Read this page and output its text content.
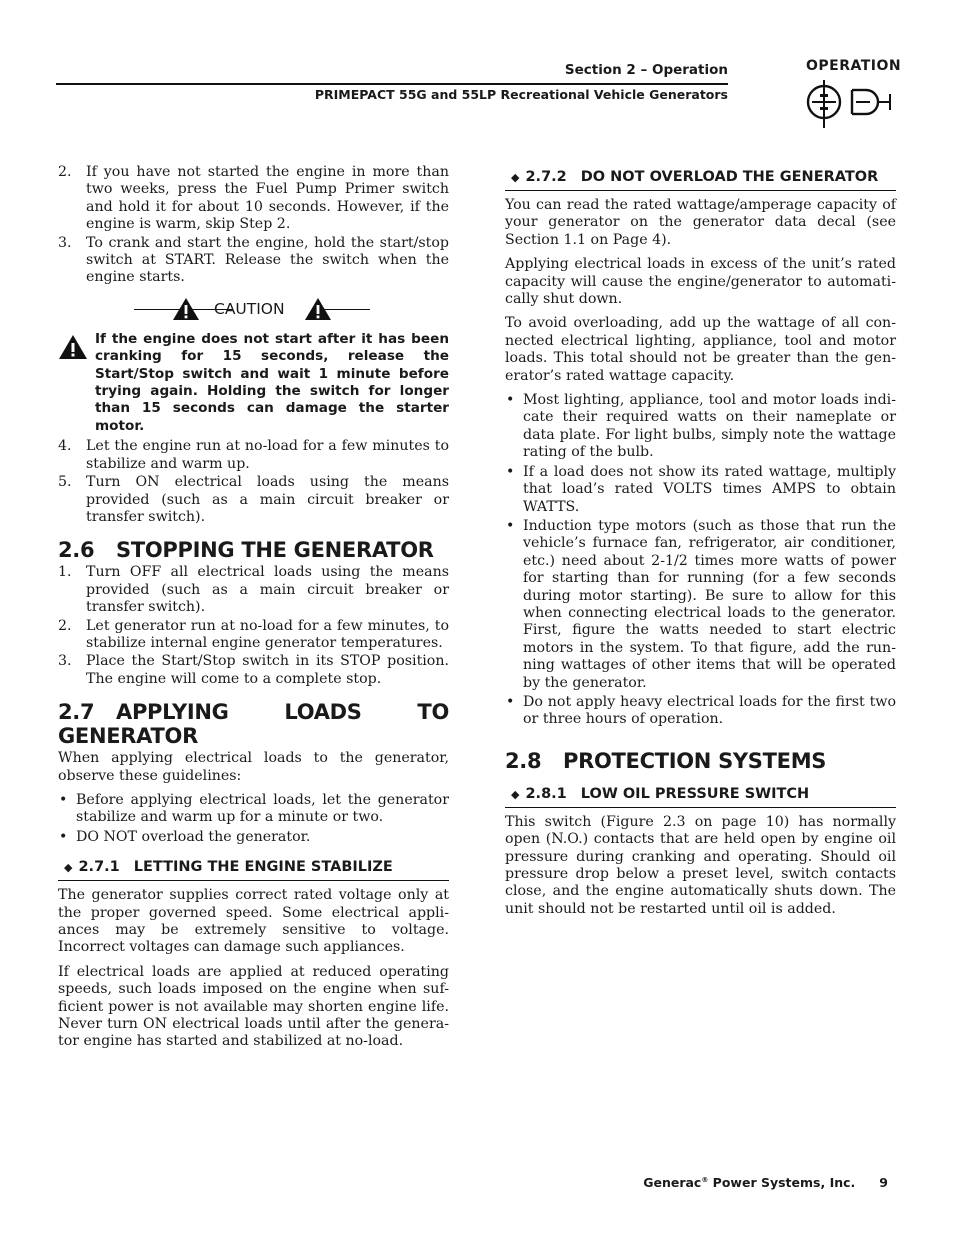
Section 2 – Operation
PRIMEPACT 55G and 55LP Recreational Vehicle Generators
OPERATION
2. If you have not started the engine in more than two weeks, press the Fuel Pump Primer switch and hold it for about 10 seconds. However, if the engine is warm, skip Step 2.
3. To crank and start the engine, hold the start/stop switch at START. Release the switch when the engine starts.
CAUTION
If the engine does not start after it has been cranking for 15 seconds, release the Start/Stop switch and wait 1 minute before trying again. Holding the switch for longer than 15 seconds can damage the starter motor.
4. Let the engine run at no-load for a few minutes to stabilize and warm up.
5. Turn ON electrical loads using the means provided (such as a main circuit breaker or transfer switch).
2.6 STOPPING THE GENERATOR
1. Turn OFF all electrical loads using the means provided (such as a main circuit breaker or transfer switch).
2. Let generator run at no-load for a few minutes, to stabilize internal engine generator temperatures.
3. Place the Start/Stop switch in its STOP position. The engine will come to a complete stop.
2.7 APPLYING LOADS TO GENERATOR

When applying electrical loads to the generator, observe these guidelines:

• Before applying electrical loads, let the generator stabilize and warm up for a minute or two.
• DO NOT overload the generator.
◆ 2.7.1 LETTING THE ENGINE STABILIZE

The generator supplies correct rated voltage only at the proper governed speed. Some electrical appli-ances may be extremely sensitive to voltage. Incorrect voltages can damage such appliances.

If electrical loads are applied at reduced operating speeds, such loads imposed on the engine when suf-ficient power is not available may shorten engine life. Never turn ON electrical loads until after the genera-tor engine has started and stabilized at no-load.

◆ 2.7.2 DO NOT OVERLOAD THE GENERATOR

You can read the rated wattage/amperage capacity of your generator on the generator data decal (see Section 1.1 on Page 4).

Applying electrical loads in excess of the unit’s rated capacity will cause the engine/generator to automati-cally shut down.

To avoid overloading, add up the wattage of all con-nected electrical lighting, appliance, tool and motor loads. This total should not be greater than the gen-erator’s rated wattage capacity.

• Most lighting, appliance, tool and motor loads indi-cate their required watts on their nameplate or data plate. For light bulbs, simply note the wattage rating of the bulb.
• If a load does not show its rated wattage, multiply that load’s rated VOLTS times AMPS to obtain WATTS.
• Induction type motors (such as those that run the vehicle’s furnace fan, refrigerator, air conditioner, etc.) need about 2-1/2 times more watts of power for starting than for running (for a few seconds during motor starting). Be sure to allow for this when connecting electrical loads to the generator. First, figure the watts needed to start electric motors in the system. To that figure, add the run-ning wattages of other items that will be operated by the generator.
• Do not apply heavy electrical loads for the first two or three hours of operation.
2.8 PROTECTION SYSTEMS
◆ 2.8.1 LOW OIL PRESSURE SWITCH

This switch (Figure 2.3 on page 10) has normally open (N.O.) contacts that are held open by engine oil pressure during cranking and operating. Should oil pressure drop below a preset level, switch contacts close, and the engine automatically shuts down. The unit should not be restarted until oil is added.

Generac® Power Systems, Inc. 9
